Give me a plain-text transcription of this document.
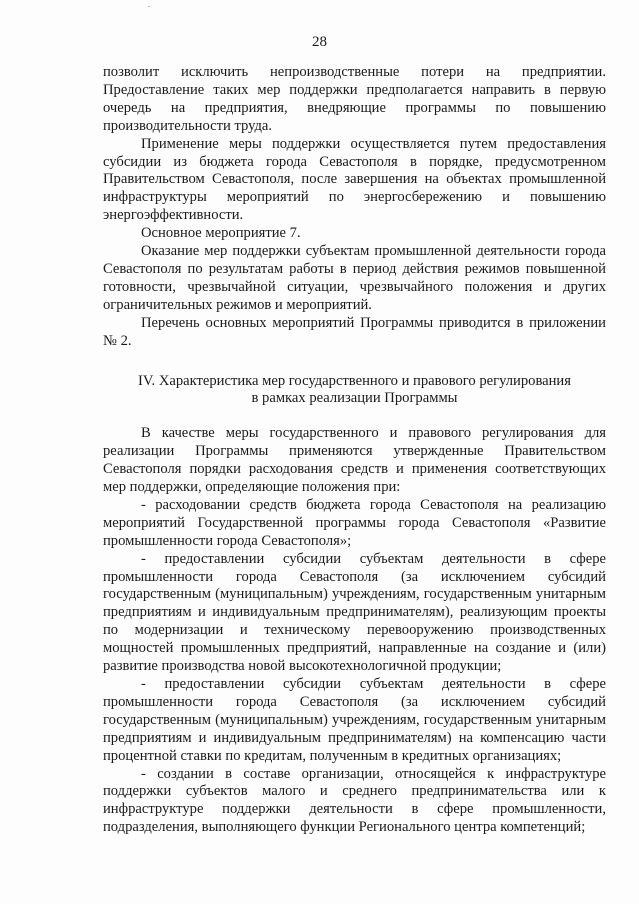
28

позволит исключить непроизводственные потери на предприятии. Предоставление таких мер поддержки предполагается направить в первую очередь на предприятия, внедряющие программы по повышению производительности труда.

Применение меры поддержки осуществляется путем предоставления субсидии из бюджета города Севастополя в порядке, предусмотренном Правительством Севастополя, после завершения на объектах промышленной инфраструктуры мероприятий по энергосбережению и повышению энергоэффективности.

Основное мероприятие 7.

Оказание мер поддержки субъектам промышленной деятельности города Севастополя по результатам работы в период действия режимов повышенной готовности, чрезвычайной ситуации, чрезвычайного положения и других ограничительных режимов и мероприятий.

Перечень основных мероприятий Программы приводится в приложении № 2.

IV. Характеристика мер государственного и правового регулирования
в рамках реализации Программы

В качестве меры государственного и правового регулирования для реализации Программы применяются утвержденные Правительством Севастополя порядки расходования средств и применения соответствующих мер поддержки, определяющие положения при:

- расходовании средств бюджета города Севастополя на реализацию мероприятий Государственной программы города Севастополя «Развитие промышленности города Севастополя»;

- предоставлении субсидии субъектам деятельности в сфере промышленности города Севастополя (за исключением субсидий государственным (муниципальным) учреждениям, государственным унитарным предприятиям и индивидуальным предпринимателям), реализующим проекты по модернизации и техническому перевооружению производственных мощностей промышленных предприятий, направленные на создание и (или) развитие производства новой высокотехнологичной продукции;

- предоставлении субсидии субъектам деятельности в сфере промышленности города Севастополя (за исключением субсидий государственным (муниципальным) учреждениям, государственным унитарным предприятиям и индивидуальным предпринимателям) на компенсацию части процентной ставки по кредитам, полученным в кредитных организациях;

- создании в составе организации, относящейся к инфраструктуре поддержки субъектов малого и среднего предпринимательства или к инфраструктуре поддержки деятельности в сфере промышленности, подразделения, выполняющего функции Регионального центра компетенций;
